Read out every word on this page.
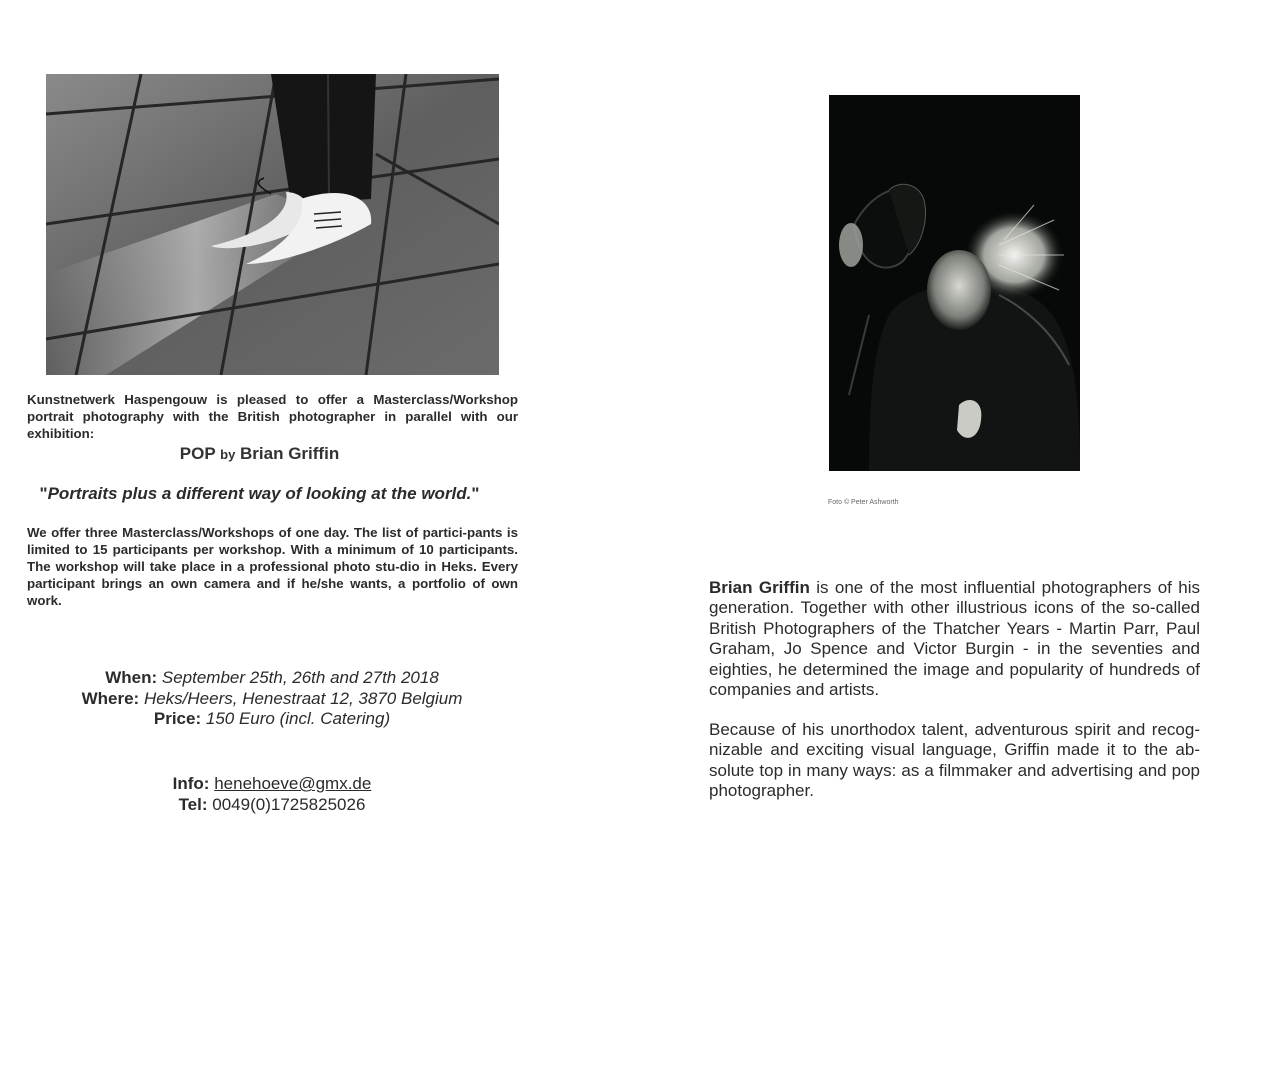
Kunstnetwerk Haspengouw is pleased to offer a Masterclass/Workshop portrait photography with the British photographer in parallel with our exhibition:
POP by Brian Griffin
"Portraits plus a different way of looking at the world."
We offer three Masterclass/Workshops of one day. The list of partici-pants is limited to 15 participants per workshop. With a minimum of 10 participants. The workshop will take place in a professional photo stu-dio in Heks. Every participant brings an own camera and if he/she wants, a portfolio of own work.
When: September 25th, 26th and 27th 2018
Where: Heks/Heers, Henestraat 12, 3870 Belgium
Price: 150 Euro (incl. Catering)
Info: henehoeve@gmx.de
Tel: 0049(0)1725825026
Foto © Peter Ashworth
Brian Griffin is one of the most influential photographers of his generation. Together with other illustrious icons of the so-called British Photographers of the Thatcher Years - Martin Parr, Paul Graham, Jo Spence and Victor Burgin - in the seventies and eighties, he determined the image and popularity of hundreds of companies and artists.
Because of his unorthodox talent, adventurous spirit and recog-nizable and exciting visual language, Griffin made it to the ab-solute top in many ways: as a filmmaker and advertising and pop photographer.
